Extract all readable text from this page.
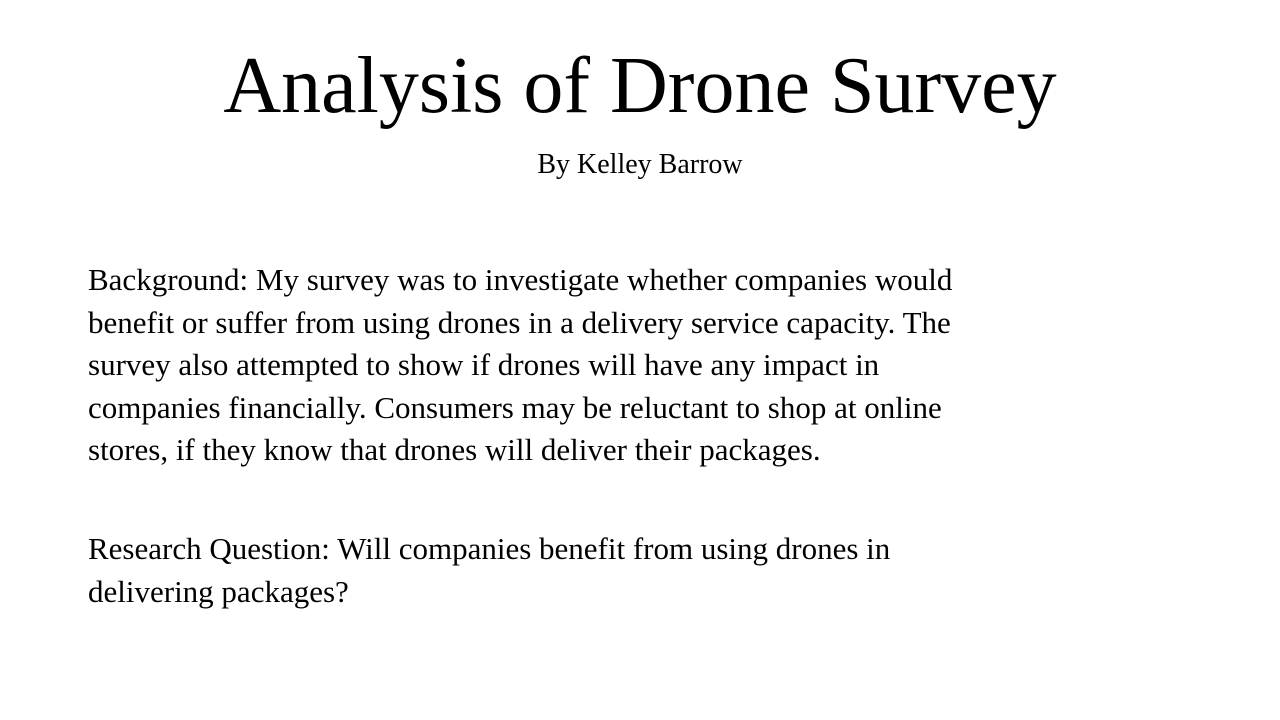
Analysis of Drone Survey

By Kelley Barrow

Background: My survey was to investigate whether companies would
benefit or suffer from using drones in a delivery service capacity. The
survey also attempted to show if drones will have any impact in
companies financially. Consumers may be reluctant to shop at online
stores, if they know that drones will deliver their packages.
Research Question: Will companies benefit from using drones in
delivering packages?
